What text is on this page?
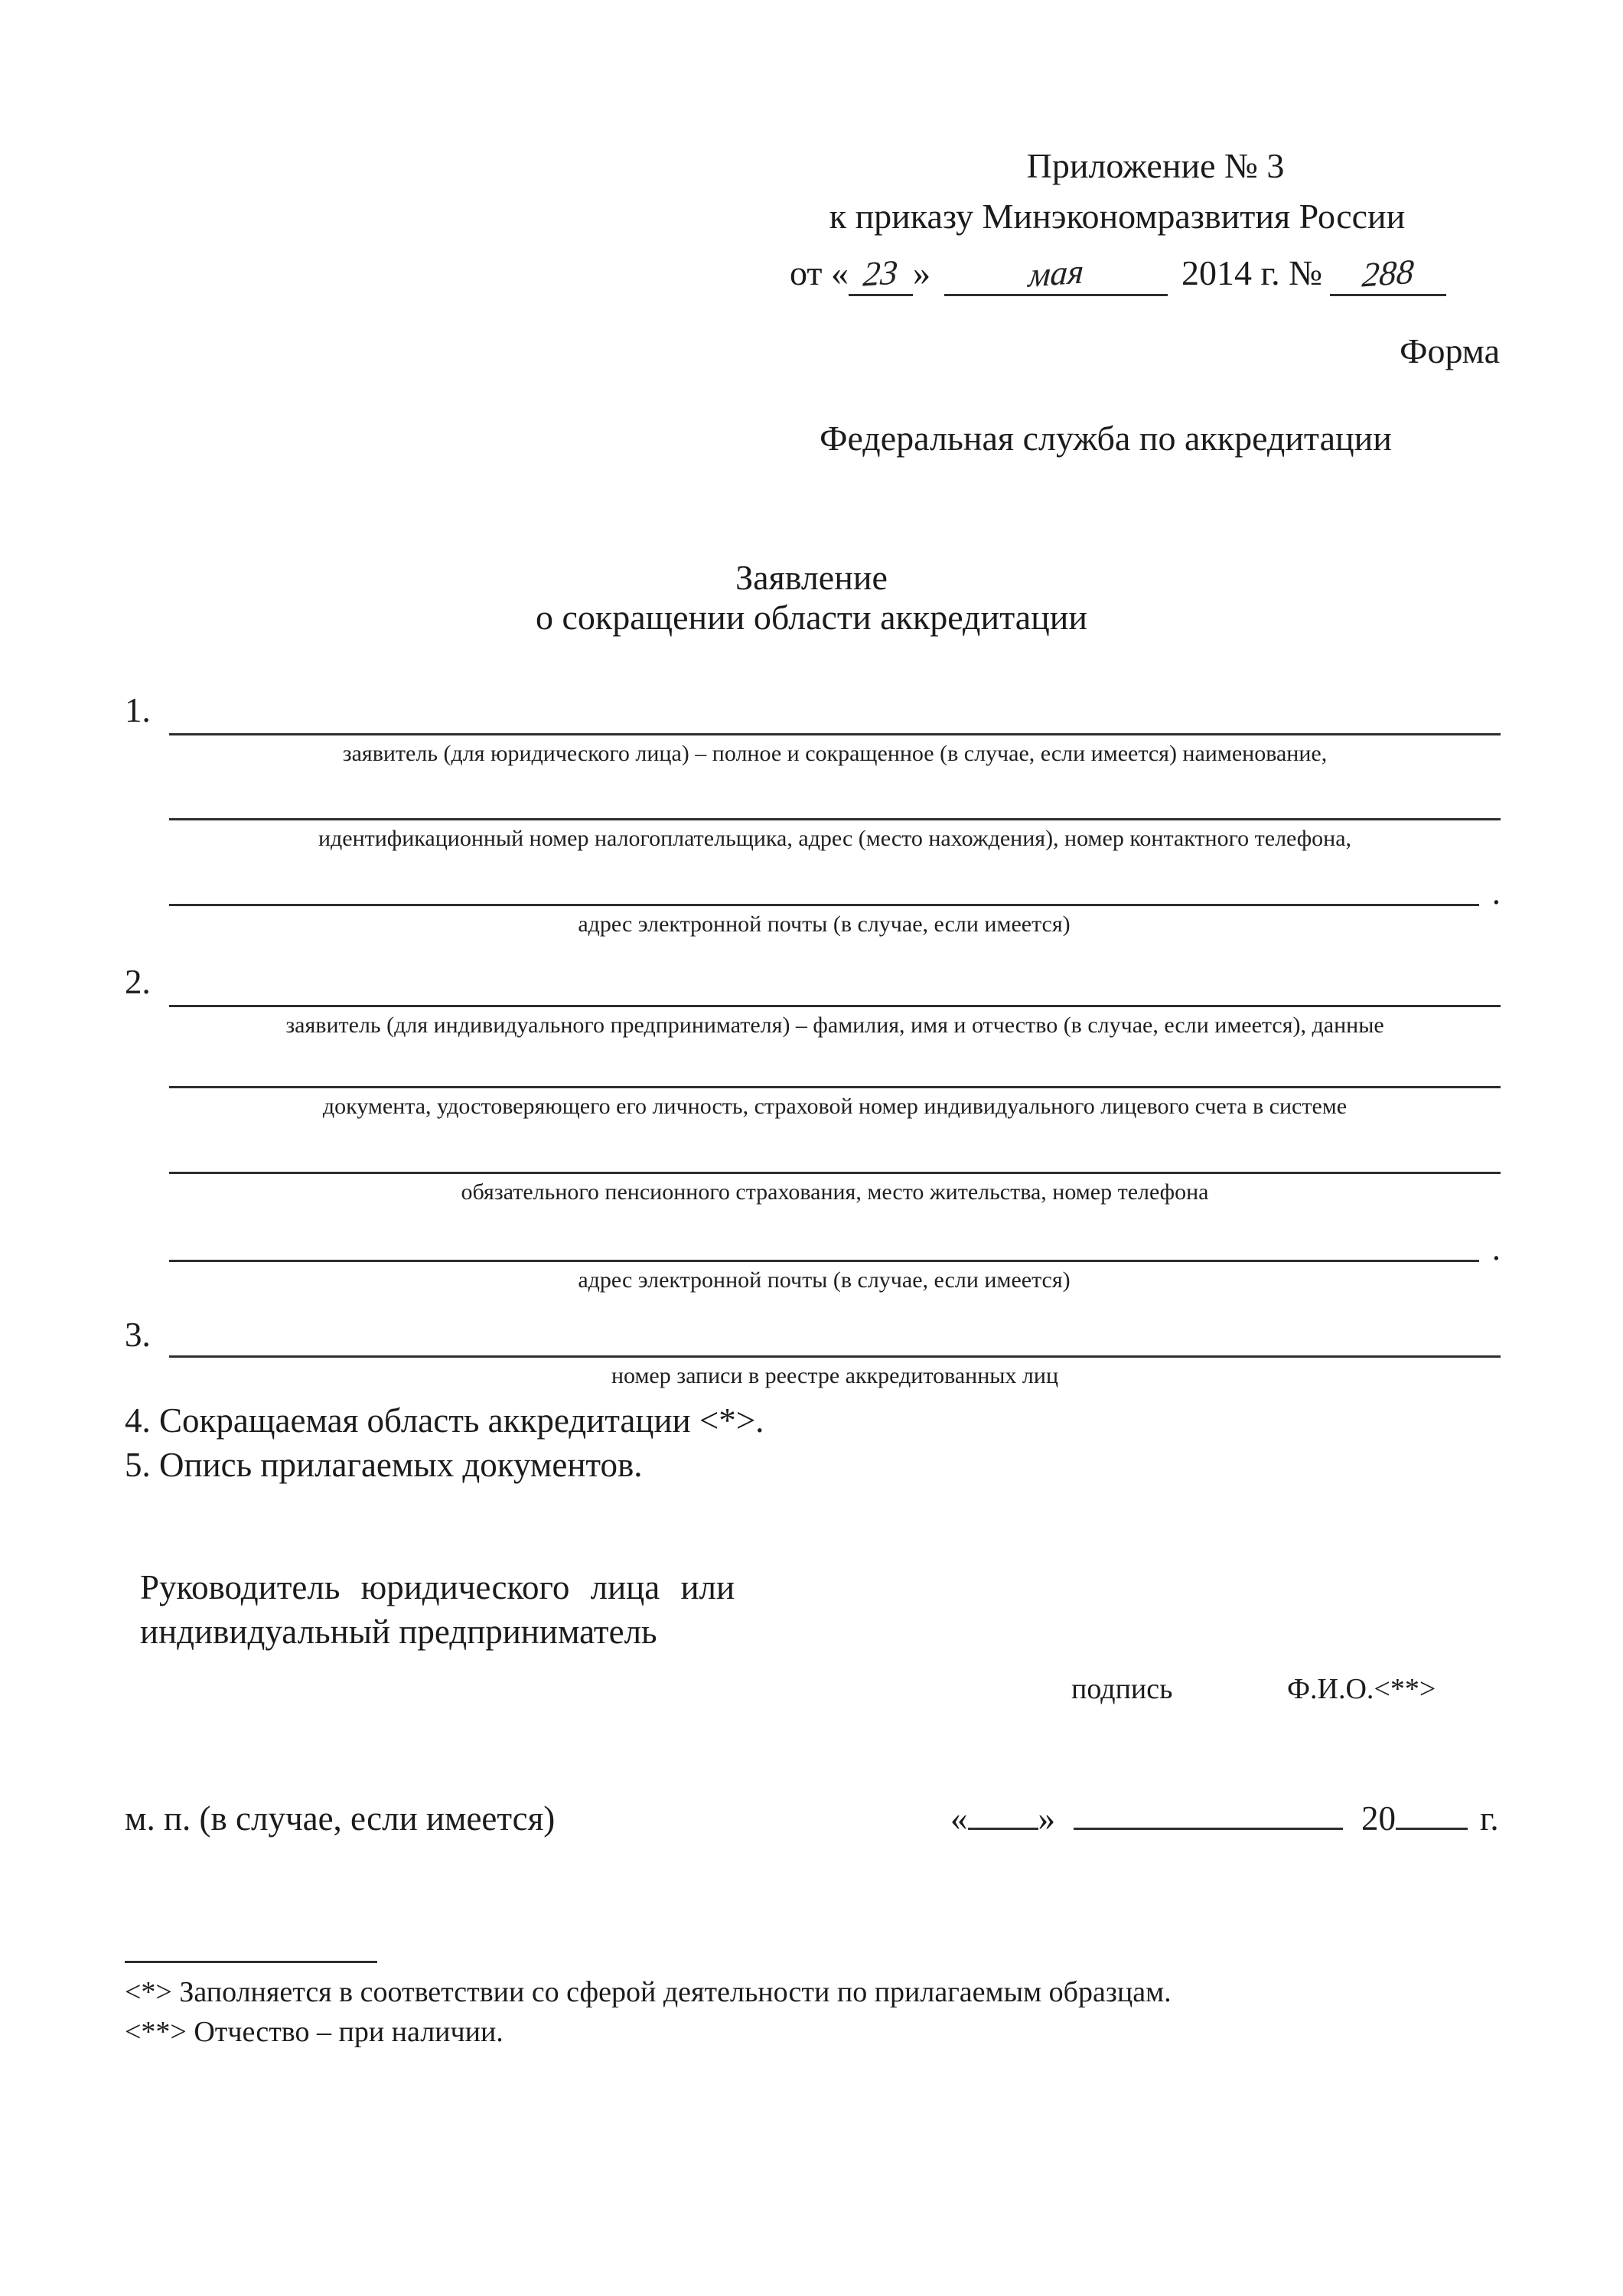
Приложение № 3
к приказу Минэкономразвития России
от « 23 »	мая	2014 г. № 288
Форма
Федеральная служба по аккредитации
Заявление
о сокращении области аккредитации
1.
заявитель (для юридического лица) – полное и сокращенное (в случае, если имеется) наименование,
идентификационный номер налогоплательщика, адрес (место нахождения), номер контактного телефона,
.
адрес электронной почты (в случае, если имеется)
2.
заявитель (для индивидуального предпринимателя) – фамилия, имя и отчество (в случае, если имеется), данные
документа, удостоверяющего его личность, страховой номер индивидуального лицевого счета в системе
обязательного пенсионного страхования, место жительства, номер телефона
.
адрес электронной почты (в случае, если имеется)
3.
номер записи в реестре аккредитованных лиц
4. Сокращаемая область аккредитации <*>.
5. Опись прилагаемых документов.
Руководитель юридического лица или
индивидуальный предприниматель
подпись	Ф.И.О.<**>
м. п. (в случае, если имеется)	« »	20 г.
<*> Заполняется в соответствии со сферой деятельности по прилагаемым образцам.
<**> Отчество – при наличии.
